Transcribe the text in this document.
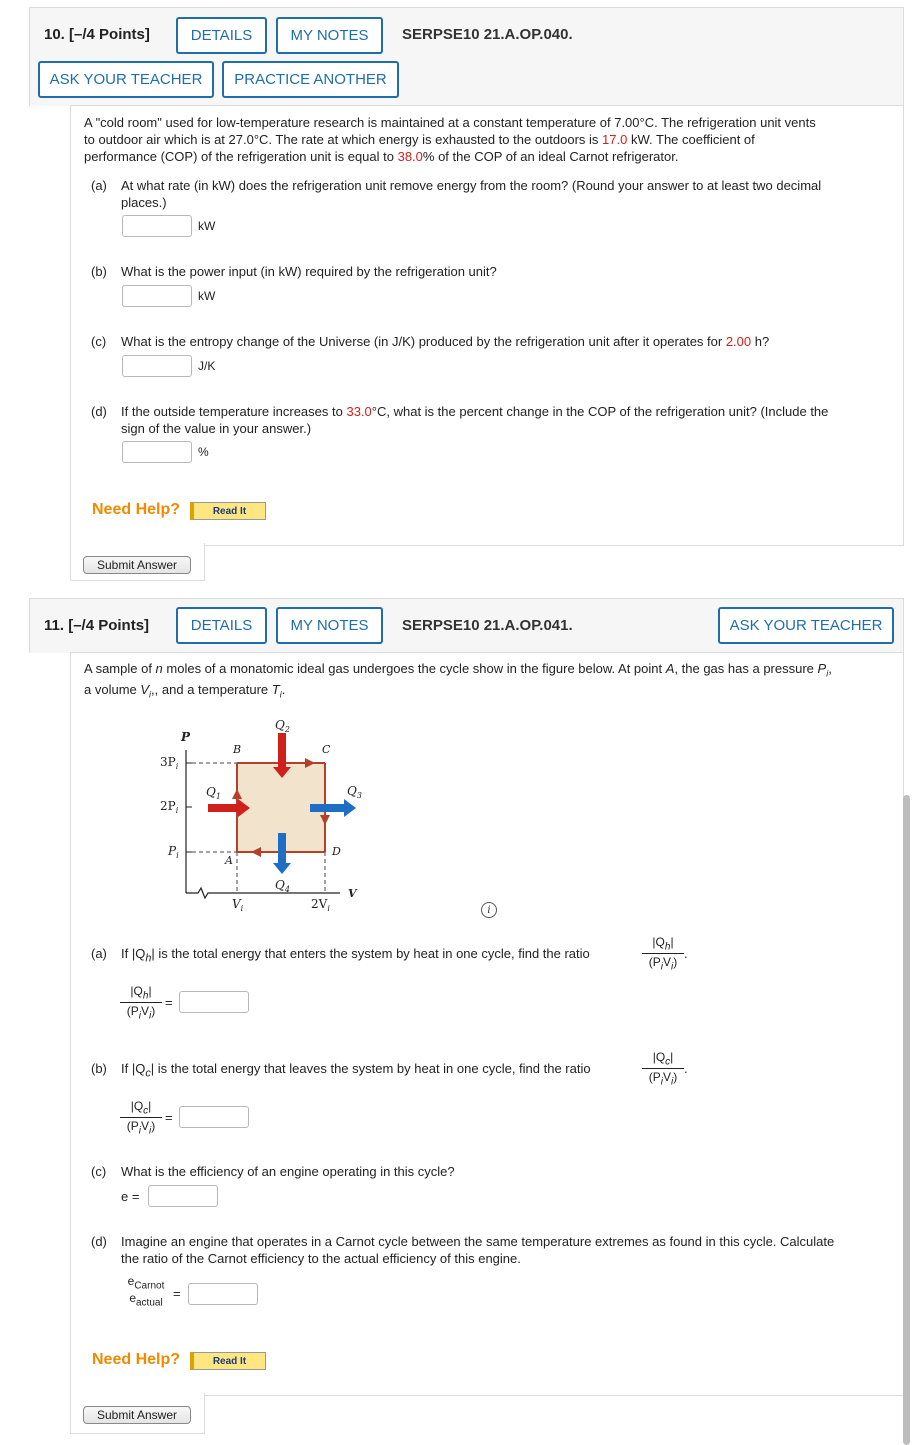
10. [–/4 Points]	DETAILS	MY NOTES	SERPSE10 21.A.OP.040.
ASK YOUR TEACHER	PRACTICE ANOTHER
A "cold room" used for low-temperature research is maintained at a constant temperature of 7.00°C. The refrigeration unit vents
to outdoor air which is at 27.0°C. The rate at which energy is exhausted to the outdoors is 17.0 kW. The coefficient of
performance (COP) of the refrigeration unit is equal to 38.0% of the COP of an ideal Carnot refrigerator.
(a) At what rate (in kW) does the refrigeration unit remove energy from the room? (Round your answer to at least two decimal
places.)
kW
(b) What is the power input (in kW) required by the refrigeration unit?
kW
(c) What is the entropy change of the Universe (in J/K) produced by the refrigeration unit after it operates for 2.00 h?
J/K
(d) If the outside temperature increases to 33.0°C, what is the percent change in the COP of the refrigeration unit? (Include the
sign of the value in your answer.)
%
Need Help?	Read It
Submit Answer
11. [–/4 Points]	DETAILS	MY NOTES	SERPSE10 21.A.OP.041.	ASK YOUR TEACHER
A sample of n moles of a monatomic ideal gas undergoes the cycle show in the figure below. At point A, the gas has a pressure $P_i$,
a volume $V_i$,, and a temperature $T_i$.
P
V
$3P_i$
$2P_i$
$P_i$
$V_i$	$2V_i$
A
B	C
D
$Q_1$
$Q_2$
$Q_3$
$Q_4$
i
(a) If $|Q_h|$ is the total energy that enters the system by heat in one cycle, find the ratio
$|Q_h|$
$(P_iV_i)$
.
$|Q_h|$
$(P_iV_i)$
=
(b) If $|Q_c|$ is the total energy that leaves the system by heat in one cycle, find the ratio
$|Q_c|$
$(P_iV_i)$
.
$|Q_c|$
$(P_iV_i)$
=
(c) What is the efficiency of an engine operating in this cycle?
e =
(d) Imagine an engine that operates in a Carnot cycle between the same temperature extremes as found in this cycle. Calculate
the ratio of the Carnot efficiency to the actual efficiency of this engine.
$e_{Carnot}$
$e_{actual}$
=
Need Help?	Read It
Submit Answer
